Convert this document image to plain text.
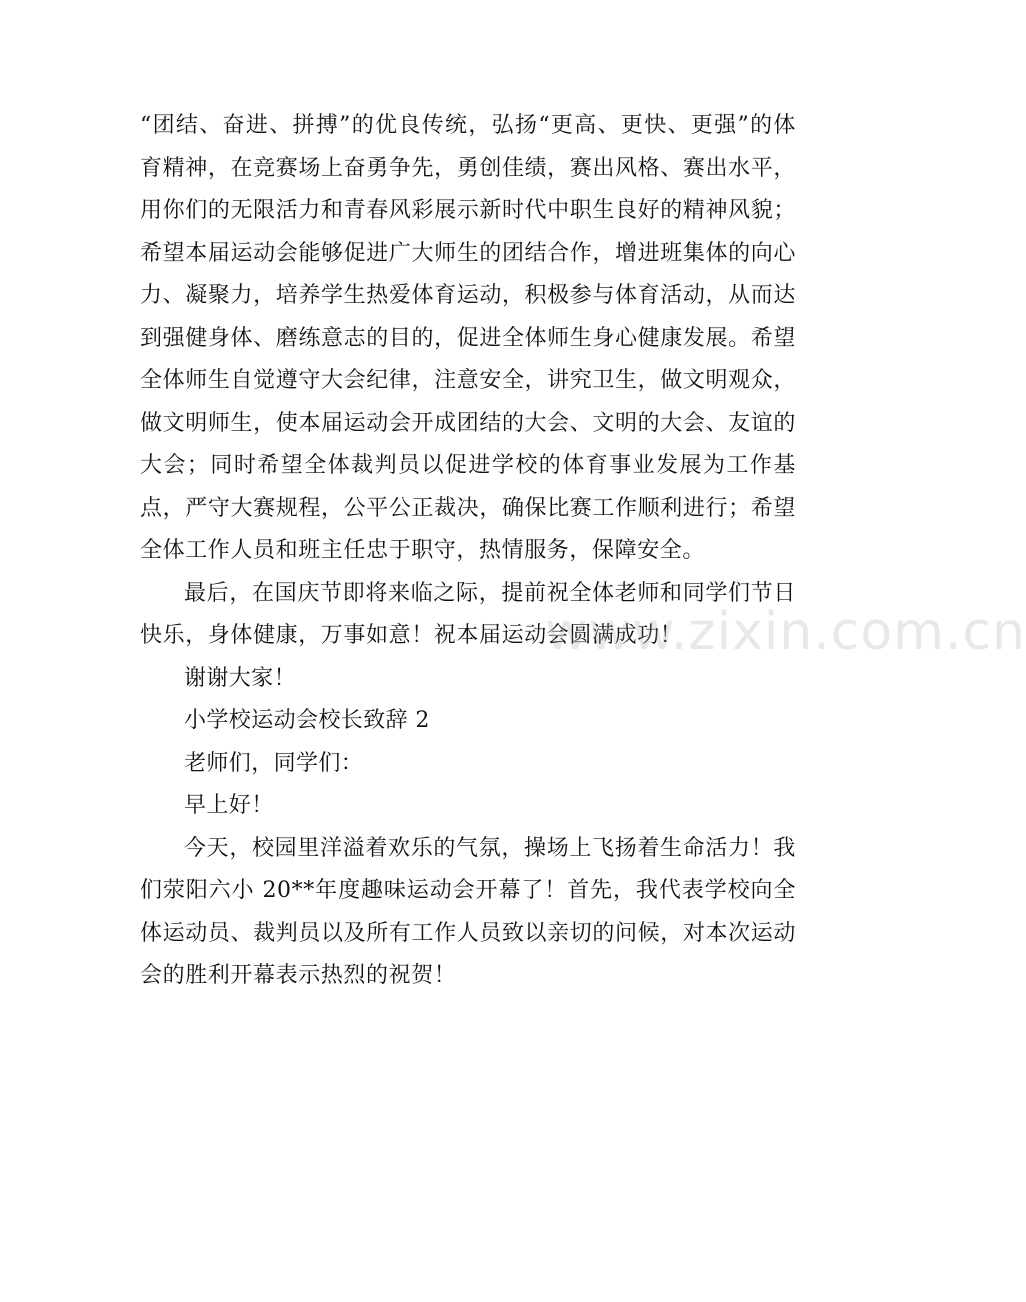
“团结、奋进、拼搏”的优良传统，弘扬“更高、更快、更强”的体育精神，在竞赛场上奋勇争先，勇创佳绩，赛出风格、赛出水平，用你们的无限活力和青春风彩展示新时代中职生良好的精神风貌；希望本届运动会能够促进广大师生的团结合作，增进班集体的向心力、凝聚力，培养学生热爱体育运动，积极参与体育活动，从而达到强健身体、磨练意志的目的，促进全体师生身心健康发展。希望全体师生自觉遵守大会纪律，注意安全，讲究卫生，做文明观众，做文明师生，使本届运动会开成团结的大会、文明的大会、友谊的大会；同时希望全体裁判员以促进学校的体育事业发展为工作基点，严守大赛规程，公平公正裁决，确保比赛工作顺利进行；希望全体工作人员和班主任忠于职守，热情服务，保障安全。

最后，在国庆节即将来临之际，提前祝全体老师和同学们节日快乐，身体健康，万事如意！祝本届运动会圆满成功！

谢谢大家！

小学校运动会校长致辞 2

老师们，同学们：

早上好！

今天，校园里洋溢着欢乐的气氛，操场上飞扬着生命活力！我们荥阳六小 20**年度趣味运动会开幕了！首先，我代表学校向全体运动员、裁判员以及所有工作人员致以亲切的问候，对本次运动会的胜利开幕表示热烈的祝贺！

www.zixin.com.cn
